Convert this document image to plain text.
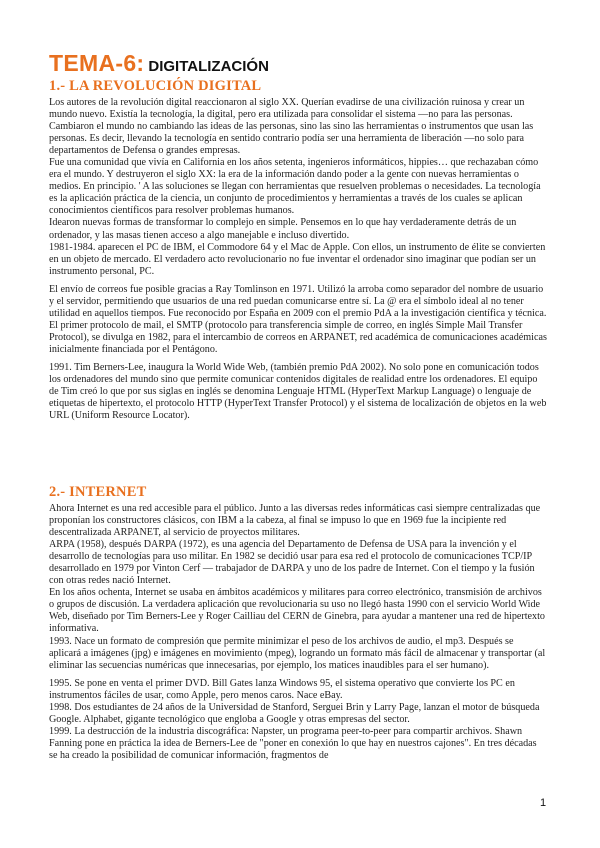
TEMA-6: DIGITALIZACIÓN
1.- LA REVOLUCIÓN DIGITAL

Los autores de la revolución digital reaccionaron al siglo XX. Querían evadirse de una civilización ruinosa y crear un mundo nuevo. Existía la tecnología, la digital, pero era utilizada para consolidar el sistema —no para las personas. Cambiaron el mundo no cambiando las ideas de las personas, sino las sino las herramientas o instrumentos que usan las personas. Es decir, llevando la tecnología en sentido contrario podía ser una herramienta de liberación —no solo para departamentos de Defensa o grandes empresas.

Fue una comunidad que vivía en California en los años setenta, ingenieros informáticos, hippies… que rechazaban cómo era el mundo. Y destruyeron el siglo XX: la era de la información dando poder a la gente con nuevas herramientas o medios. En principio. ' A las soluciones se llegan con herramientas que resuelven problemas o necesidades. La tecnología es la aplicación práctica de la ciencia, un conjunto de procedimientos y herramientas a través de los cuales se aplican conocimientos científicos para resolver problemas humanos.

Idearon nuevas formas de transformar lo complejo en simple. Pensemos en lo que hay verdaderamente detrás de un ordenador, y las masas tienen acceso a algo manejable e incluso divertido.

1981-1984. aparecen el PC de IBM, el Commodore 64 y el Mac de Apple. Con ellos, un instrumento de élite se convierten en un objeto de mercado. El verdadero acto revolucionario no fue inventar el ordenador sino imaginar que podían ser un instrumento personal, PC.

El envío de correos fue posible gracias a Ray Tomlinson en 1971. Utilizó la arroba como separador del nombre de usuario y el servidor, permitiendo que usuarios de una red puedan comunicarse entre sí. La @ era el símbolo ideal al no tener utilidad en aquellos tiempos. Fue reconocido por España en 2009 con el premio PdA a la investigación científica y técnica. El primer protocolo de mail, el SMTP (protocolo para transferencia simple de correo, en inglés Simple Mail Transfer Protocol), se divulga en 1982, para el intercambio de correos en ARPANET, red académica de comunicaciones académicas inicialmente financiada por el Pentágono.

1991. Tim Berners-Lee, inaugura la World Wide Web, (también premio PdA 2002). No solo pone en comunicación todos los ordenadores del mundo sino que permite comunicar contenidos digitales de realidad entre los ordenadores. El equipo de Tim creó lo que por sus siglas en inglés se denomina Lenguaje HTML (HyperText Markup Language) o lenguaje de etiquetas de hipertexto, el protocolo HTTP (HyperText Transfer Protocol) y el sistema de localización de objetos en la web URL (Uniform Resource Locator).

2.- INTERNET

Ahora Internet es una red accesible para el público. Junto a las diversas redes informáticas casi siempre centralizadas que proponían los constructores clásicos, con IBM a la cabeza, al final se impuso lo que en 1969 fue la incipiente red descentralizada ARPANET, al servicio de proyectos militares.

ARPA (1958), después DARPA (1972), es una agencia del Departamento de Defensa de USA para la invención y el desarrollo de tecnologías para uso militar. En 1982 se decidió usar para esa red el protocolo de comunicaciones TCP/IP desarrollado en 1979 por Vinton Cerf — trabajador de DARPA y uno de los padre de Internet. Con el tiempo y la fusión con otras redes nació Internet.

En los años ochenta, Internet se usaba en ámbitos académicos y militares para correo electrónico, transmisión de archivos o grupos de discusión. La verdadera aplicación que revolucionaria su uso no llegó hasta 1990 con el servicio World Wide Web, diseñado por Tim Berners-Lee y Roger Cailliau del CERN de Ginebra, para ayudar a mantener una red de hipertexto informativa.

1993. Nace un formato de compresión que permite minimizar el peso de los archivos de audio, el mp3. Después se aplicará a imágenes (jpg) e imágenes en movimiento (mpeg), logrando un formato más fácil de almacenar y transportar (al eliminar las secuencias numéricas que innecesarias, por ejemplo, los matices inaudibles para el ser humano).

1995. Se pone en venta el primer DVD. Bill Gates lanza Windows 95, el sistema operativo que convierte los PC en instrumentos fáciles de usar, como Apple, pero menos caros. Nace eBay.

1998. Dos estudiantes de 24 años de la Universidad de Stanford, Serguei Brin y Larry Page, lanzan el motor de búsqueda Google. Alphabet, gigante tecnológico que engloba a Google y otras empresas del sector.

1999. La destrucción de la industria discográfica: Napster, un programa peer-to-peer para compartir archivos. Shawn Fanning pone en práctica la idea de Berners-Lee de "poner en conexión lo que hay en nuestros cajones". En tres décadas se ha creado la posibilidad de comunicar información, fragmentos de

1
